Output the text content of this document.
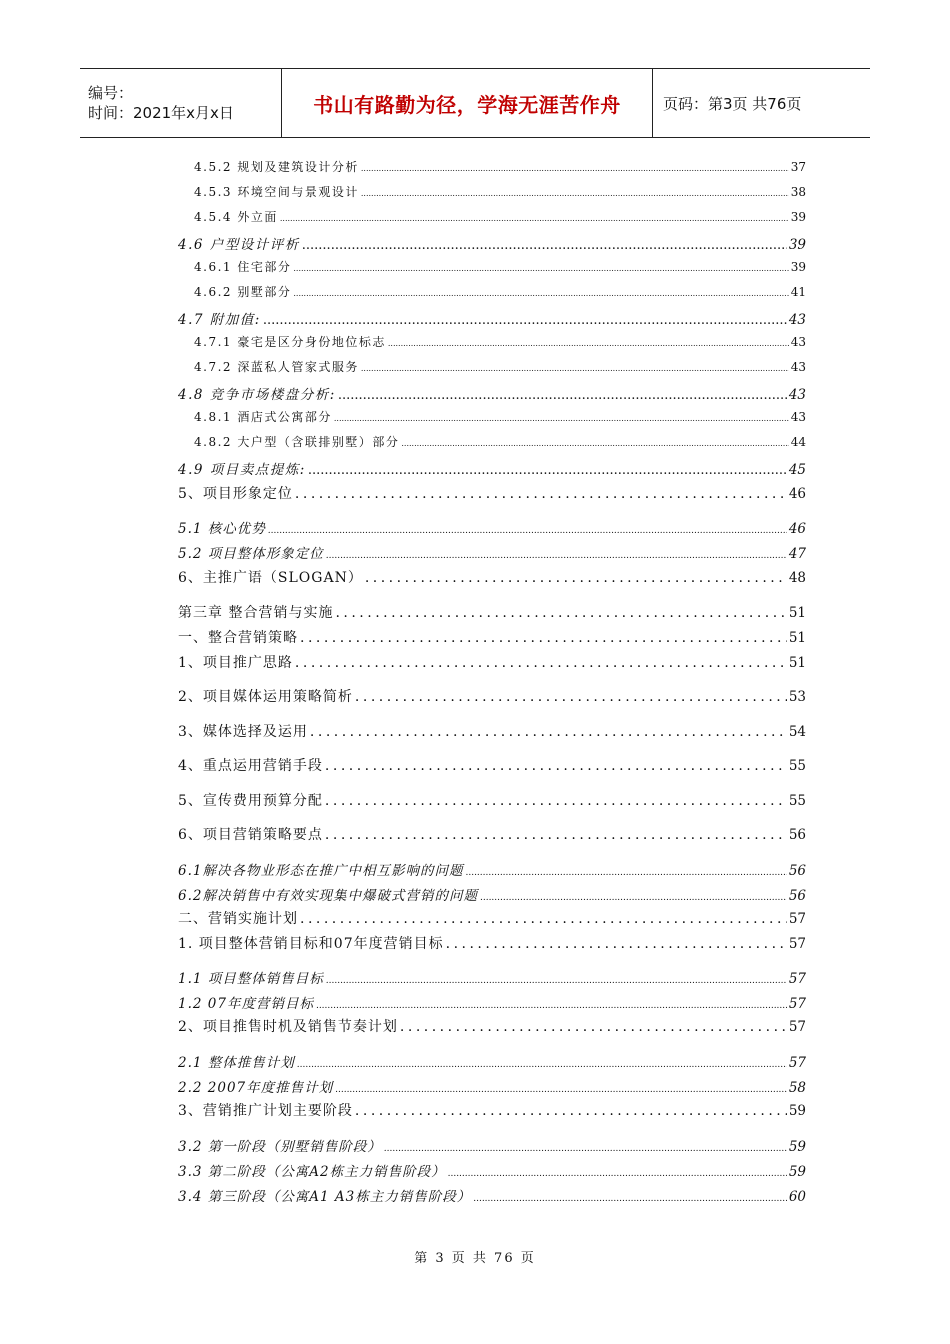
编号：
时间：2021年x月x日	书山有路勤为径，学海无涯苦作舟	页码：第3页 共76页
4.5.2 规划及建筑设计分析 .....	37
4.5.3 环境空间与景观设计 .....	38
4.5.4 外立面 .....	39
4.6 户型设计评析 .....	39
4.6.1 住宅部分 .....	39
4.6.2 别墅部分 .....	41
4.7 附加值: .....	43
4.7.1 豪宅是区分身份地位标志 .....	43
4.7.2 深蓝私人管家式服务 .....	43
4.8 竞争市场楼盘分析: .....	43
4.8.1 酒店式公寓部分 .....	43
4.8.2 大户型（含联排别墅）部分 .....	44
4.9 项目卖点提炼: .....	45
5、项目形象定位 .....	46
5.1 核心优势 .....	46
5.2 项目整体形象定位 .....	47
6、主推广语（SLOGAN） .....	48
第三章 整合营销与实施 .....	51
一、整合营销策略 .....	51
1、项目推广思路 .....	51
2、项目媒体运用策略简析 .....	53
3、媒体选择及运用 .....	54
4、重点运用营销手段 .....	55
5、宣传费用预算分配 .....	55
6、项目营销策略要点 .....	56
6.1解决各物业形态在推广中相互影响的问题 .....	56
6.2解决销售中有效实现集中爆破式营销的问题 .....	56
二、营销实施计划 .....	57
1. 项目整体营销目标和07年度营销目标 .....	57
1.1 项目整体销售目标 .....	57
1.2 07年度营销目标 .....	57
2、项目推售时机及销售节奏计划 .....	57
2.1 整体推售计划 .....	57
2.2 2007年度推售计划 .....	58
3、营销推广计划主要阶段 .....	59
3.2 第一阶段（别墅销售阶段） .....	59
3.3 第二阶段（公寓A2栋主力销售阶段） .....	59
3.4 第三阶段（公寓A1 A3栋主力销售阶段） .....	60
第 3 页 共 76 页
